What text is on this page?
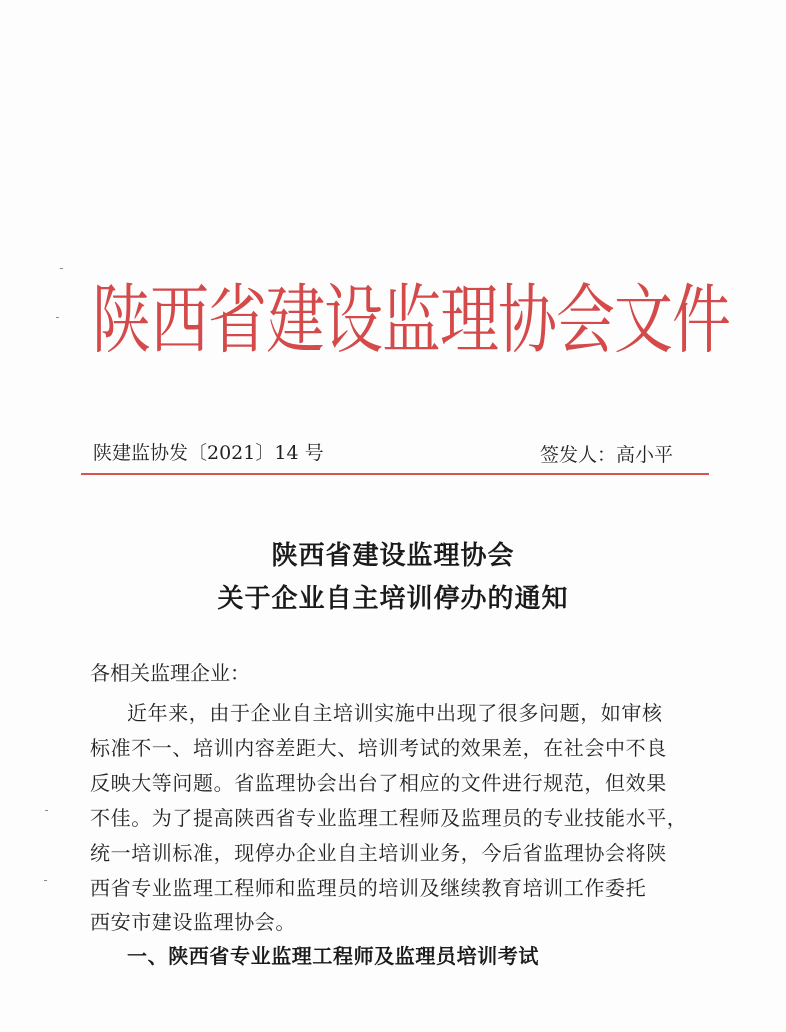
陕西省建设监理协会文件
陕建监协发〔2021〕14 号	签发人：高小平
陕西省建设监理协会
关于企业自主培训停办的通知
各相关监理企业：
近年来，由于企业自主培训实施中出现了很多问题，如审核
标准不一、培训内容差距大、培训考试的效果差，在社会中不良
反映大等问题。省监理协会出台了相应的文件进行规范，但效果
不佳。为了提高陕西省专业监理工程师及监理员的专业技能水平，
统一培训标准，现停办企业自主培训业务，今后省监理协会将陕
西省专业监理工程师和监理员的培训及继续教育培训工作委托
西安市建设监理协会。
一、陕西省专业监理工程师及监理员培训考试
